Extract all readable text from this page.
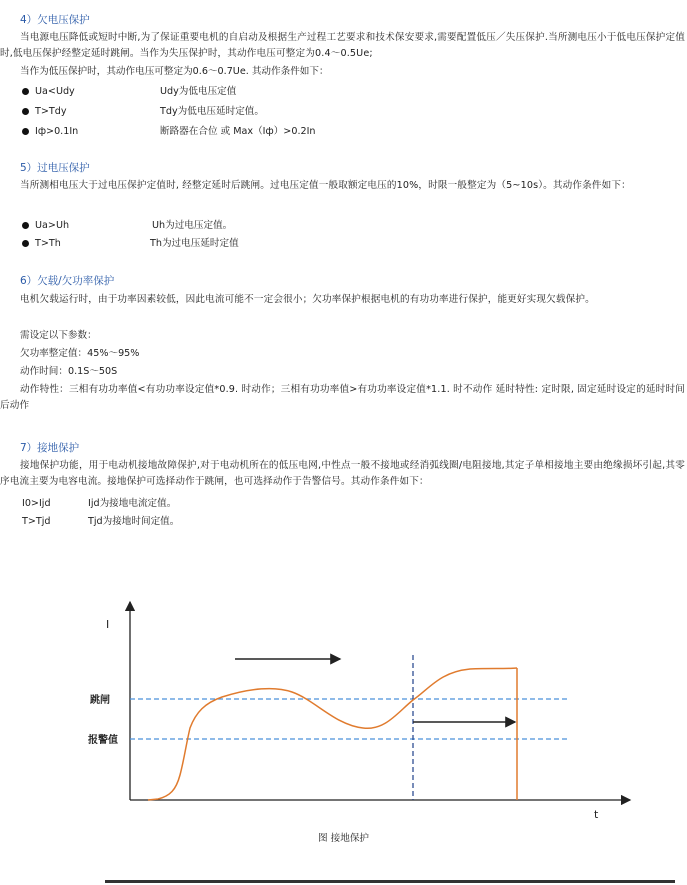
4）欠电压保护

当电源电压降低或短时中断,为了保证重要电机的自启动及根据生产过程工艺要求和技术保安要求,需要配置低压／失压保护.当所测电压小于低电压保护定值时,低电压保护经整定延时跳闸。当作为失压保护时，其动作电压可整定为0.4～0.5Ue;

当作为低压保护时，其动作电压可整定为0.6～0.7Ue. 其动作条件如下：
Ua<Udy	Udy为低电压定值
T>Tdy	Tdy为低电压延时定值。
Iф>0.1In	断路器在合位 或 Max（Iф）>0.2In
5）过电压保护

当所测相电压大于过电压保护定值时, 经整定延时后跳闸。过电压定值一般取额定电压的10%，时限一般整定为（5~10s）。其动作条件如下：

Ua>Uh	Uh为过电压定值。
T>Th	Th为过电压延时定值
6）欠载/欠功率保护

电机欠载运行时，由于功率因素较低，因此电流可能不一定会很小；欠功率保护根据电机的有功功率进行保护，能更好实现欠载保护。

需设定以下参数：
欠功率整定值：45%～95%
动作时间：0.1S～50S

动作特性：三相有功功率值<有功功率设定值*0.9. 时动作；三相有功功率值>有功功率设定值*1.1. 时不动作 延时特性: 定时限, 固定延时设定的延时时间后动作

7）接地保护

接地保护功能，用于电动机接地故障保护,对于电动机所在的低压电网,中性点一般不接地或经消弧线圈/电阻接地,其定子单相接地主要由绝缘损坏引起,其零序电流主要为电容电流。接地保护可选择动作于跳闸，也可选择动作于告警信号。其动作条件如下：

I0>Ijd	Ijd为接地电流定值。
T>Tjd	Tjd为接地时间定值。
I
t
跳闸
报警值
图 接地保护
